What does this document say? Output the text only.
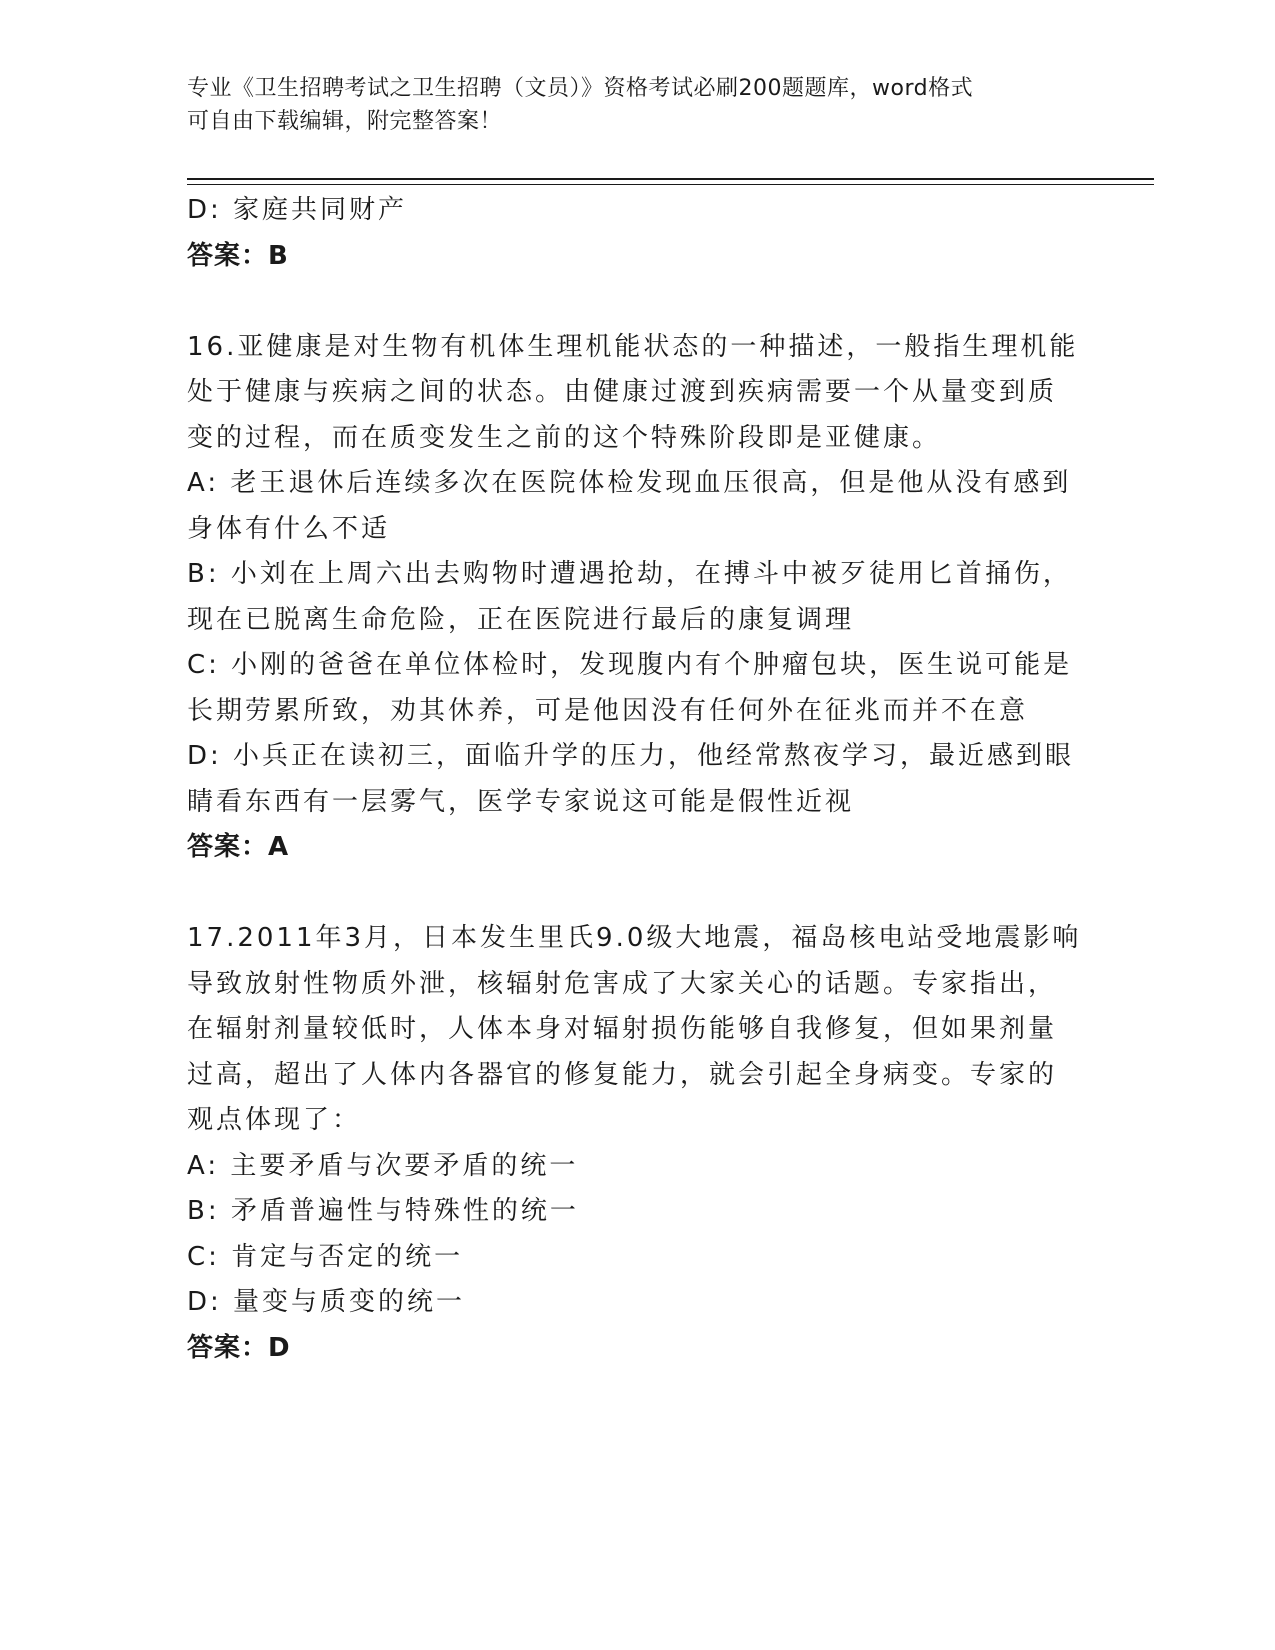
专业《卫生招聘考试之卫生招聘（文员）》资格考试必刷200题题库，word格式
可自由下载编辑，附完整答案！
D: 家庭共同财产
答案：B
16.亚健康是对生物有机体生理机能状态的一种描述，一般指生理机能
处于健康与疾病之间的状态。由健康过渡到疾病需要一个从量变到质
变的过程，而在质变发生之前的这个特殊阶段即是亚健康。
A: 老王退休后连续多次在医院体检发现血压很高，但是他从没有感到
身体有什么不适
B: 小刘在上周六出去购物时遭遇抢劫，在搏斗中被歹徒用匕首捅伤，
现在已脱离生命危险，正在医院进行最后的康复调理
C: 小刚的爸爸在单位体检时，发现腹内有个肿瘤包块，医生说可能是
长期劳累所致，劝其休养，可是他因没有任何外在征兆而并不在意
D: 小兵正在读初三，面临升学的压力，他经常熬夜学习，最近感到眼
睛看东西有一层雾气，医学专家说这可能是假性近视
答案：A
17.2011年3月，日本发生里氏9.0级大地震，福岛核电站受地震影响
导致放射性物质外泄，核辐射危害成了大家关心的话题。专家指出，
在辐射剂量较低时，人体本身对辐射损伤能够自我修复，但如果剂量
过高，超出了人体内各器官的修复能力，就会引起全身病变。专家的
观点体现了：
A: 主要矛盾与次要矛盾的统一
B: 矛盾普遍性与特殊性的统一
C: 肯定与否定的统一
D: 量变与质变的统一
答案：D
